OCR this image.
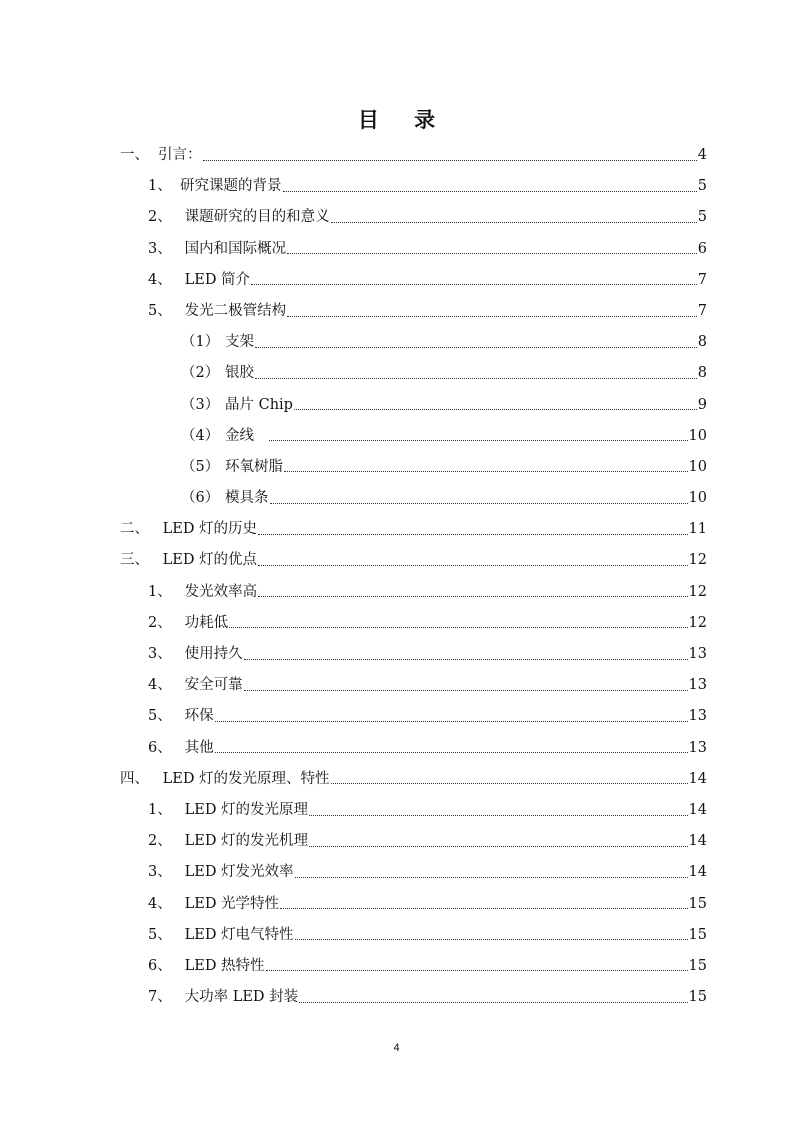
目 录
一、 引言：	4
1、 研究课题的背景	5
2、 课题研究的目的和意义	5
3、 国内和国际概况	6
4、 LED 简介	7
5、 发光二极管结构	7
（1） 支架	8
（2） 银胶	8
（3） 晶片 Chip	9
（4） 金线	10
（5） 环氧树脂	10
（6） 模具条	10
二、 LED 灯的历史	11
三、 LED 灯的优点	12
1、 发光效率高	12
2、 功耗低	12
3、 使用持久	13
4、 安全可靠	13
5、 环保	13
6、 其他	13
四、 LED 灯的发光原理、特性	14
1、 LED 灯的发光原理	14
2、 LED 灯的发光机理	14
3、 LED 灯发光效率	14
4、 LED 光学特性	15
5、 LED 灯电气特性	15
6、 LED 热特性	15
7、 大功率 LED 封装	15
4
